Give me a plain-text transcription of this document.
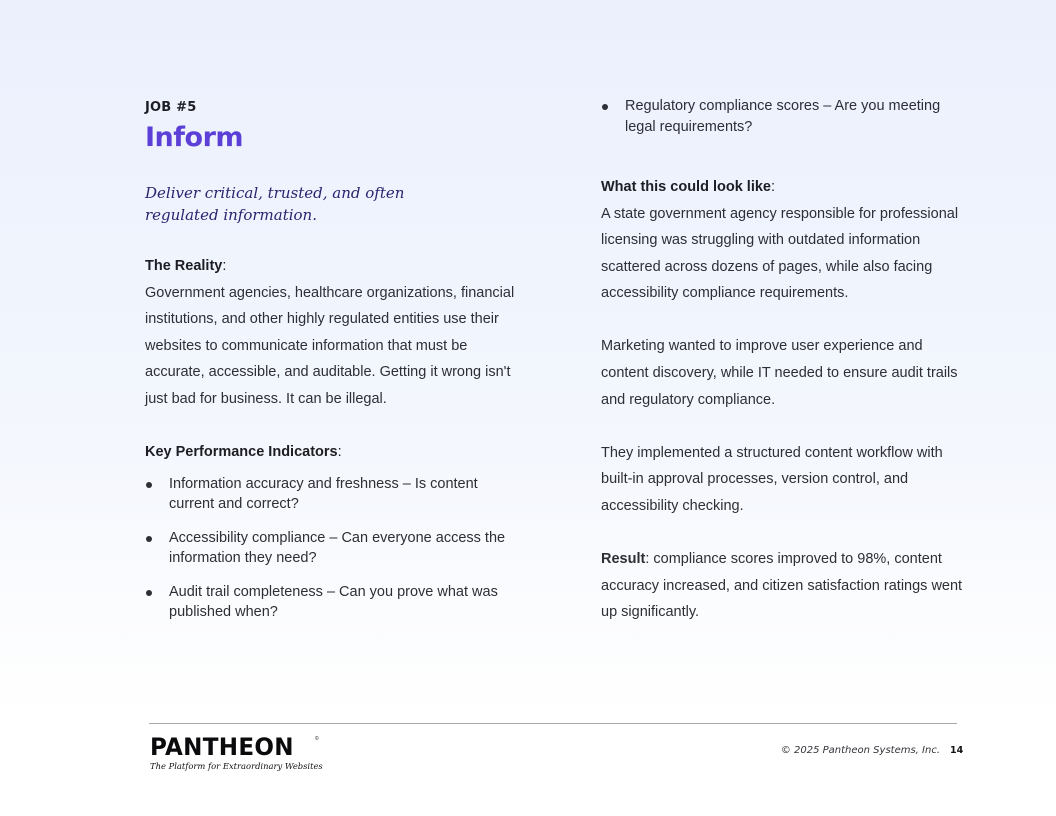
JOB #5

Inform

Deliver critical, trusted, and often regulated information.

The Reality:

Government agencies, healthcare organizations, financial institutions, and other highly regulated entities use their websites to communicate information that must be accurate, accessible, and auditable. Getting it wrong isn't just bad for business. It can be illegal.

Key Performance Indicators:

Information accuracy and freshness – Is content current and correct?
Accessibility compliance – Can everyone access the information they need?
Audit trail completeness – Can you prove what was published when?
Regulatory compliance scores – Are you meeting legal requirements?

What this could look like:

A state government agency responsible for professional licensing was struggling with outdated information scattered across dozens of pages, while also facing accessibility compliance requirements.

Marketing wanted to improve user experience and content discovery, while IT needed to ensure audit trails and regulatory compliance.

They implemented a structured content workflow with built-in approval processes, version control, and accessibility checking.

Result: compliance scores improved to 98%, content accuracy increased, and citizen satisfaction ratings went up significantly.

PANTHEON	©
The Platform for Extraordinary Websites
© 2025 Pantheon Systems, Inc. 14
